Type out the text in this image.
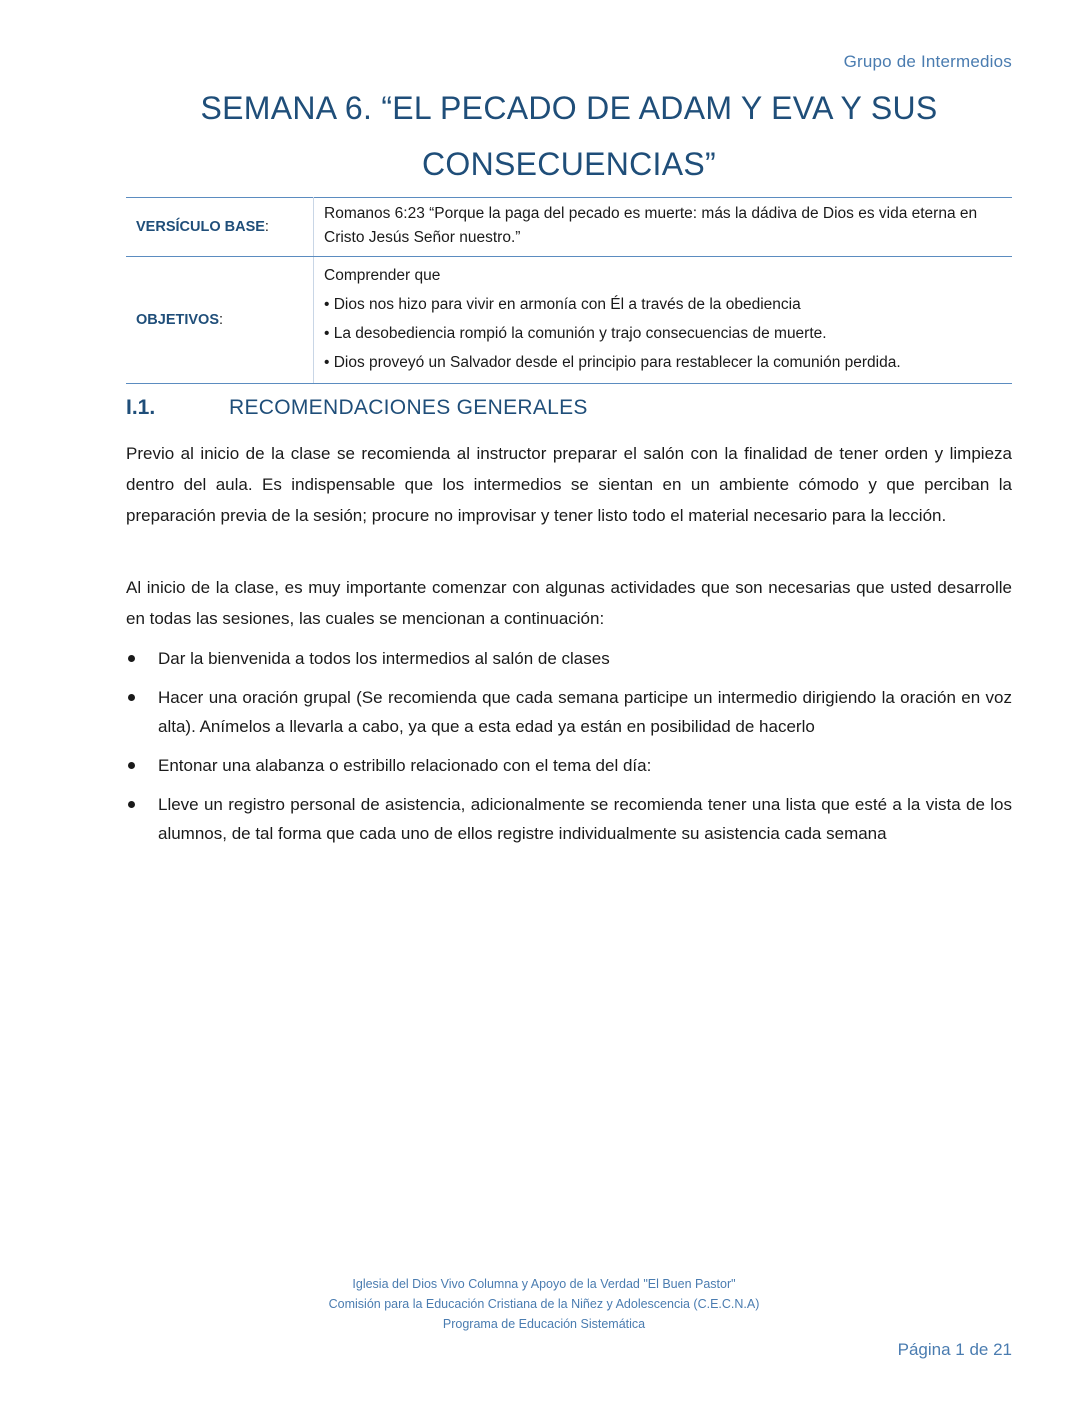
Grupo de Intermedios
SEMANA 6. “EL PECADO DE ADAM Y EVA Y SUS
CONSECUENCIAS”
VERSÍCULO BASE:	Romanos 6:23 “Porque la paga del pecado es muerte: más la dádiva de Dios es vida eterna en Cristo Jesús Señor nuestro.”
OBJETIVOS:	Comprender que
• Dios nos hizo para vivir en armonía con Él a través de la obediencia
• La desobediencia rompió la comunión y trajo consecuencias de muerte.
• Dios proveyó un Salvador desde el principio para restablecer la comunión perdida.
I.1.	RECOMENDACIONES GENERALES

Previo al inicio de la clase se recomienda al instructor preparar el salón con la finalidad de tener orden y limpieza dentro del aula. Es indispensable que los intermedios se sientan en un ambiente cómodo y que perciban la preparación previa de la sesión; procure no improvisar y tener listo todo el material necesario para la lección.

Al inicio de la clase, es muy importante comenzar con algunas actividades que son necesarias que usted desarrolle en todas las sesiones, las cuales se mencionan a continuación:

Dar la bienvenida a todos los intermedios al salón de clases
Hacer una oración grupal (Se recomienda que cada semana participe un intermedio dirigiendo la oración en voz alta). Anímelos a llevarla a cabo, ya que a esta edad ya están en posibilidad de hacerlo
Entonar una alabanza o estribillo relacionado con el tema del día:
Lleve un registro personal de asistencia, adicionalmente se recomienda tener una lista que esté a la vista de los alumnos, de tal forma que cada uno de ellos registre individualmente su asistencia cada semana
Iglesia del Dios Vivo Columna y Apoyo de la Verdad "El Buen Pastor"
Comisión para la Educación Cristiana de la Niñez y Adolescencia (C.E.C.N.A)
Programa de Educación Sistemática
Página 1 de 21
